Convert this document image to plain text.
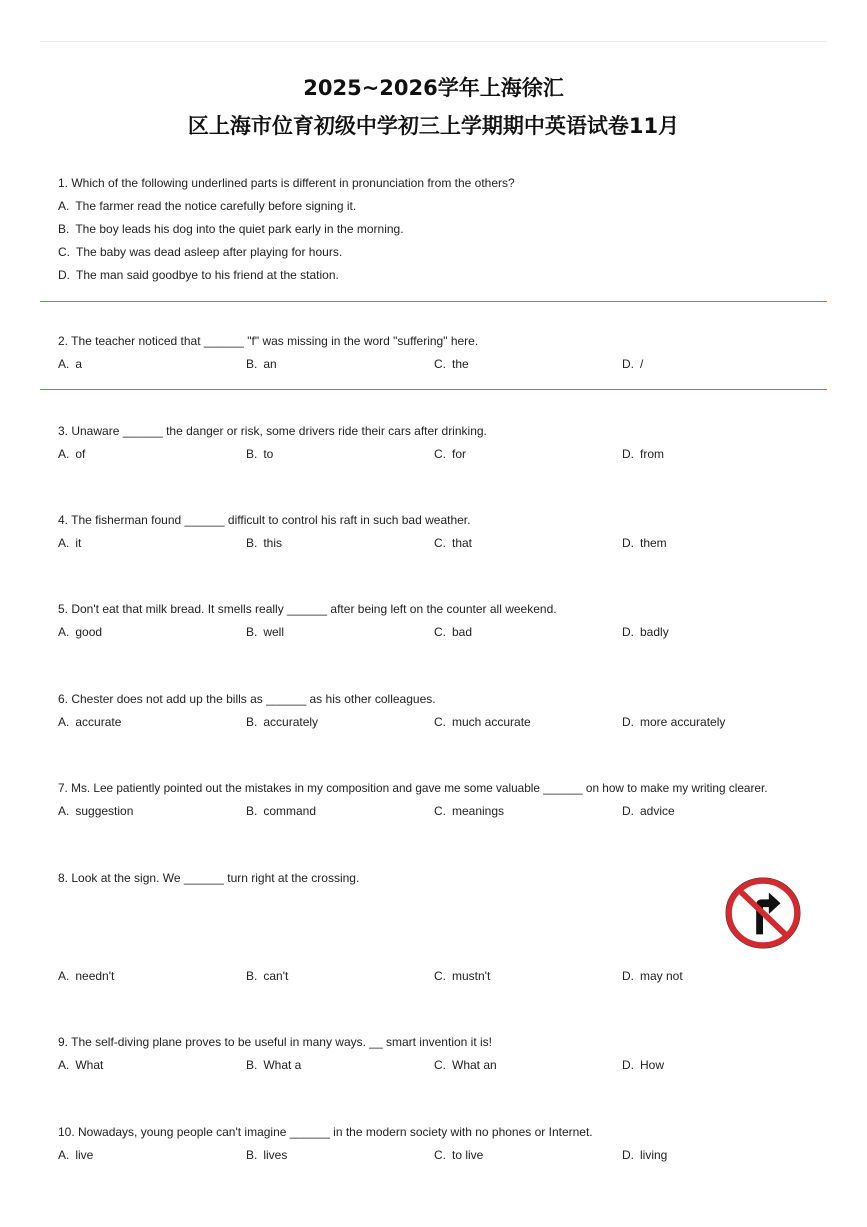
2025~2026学年上海徐汇
区上海市位育初级中学初三上学期期中英语试卷11月
1. Which of the following underlined parts is different in pronunciation from the others?
A. The farmer read the notice carefully before signing it.
B. The boy leads his dog into the quiet park early in the morning.
C. The baby was dead asleep after playing for hours.
D. The man said goodbye to his friend at the station.
2. The teacher noticed that ______ "f" was missing in the word "suffering" here.
A. a	B. an	C. the	D. /
3. Unaware ______ the danger or risk, some drivers ride their cars after drinking.
A. of	B. to	C. for	D. from
4. The fisherman found ______ difficult to control his raft in such bad weather.
A. it	B. this	C. that	D. them
5. Don't eat that milk bread. It smells really ______ after being left on the counter all weekend.
A. good	B. well	C. bad	D. badly
6. Chester does not add up the bills as ______ as his other colleagues.
A. accurate	B. accurately	C. much accurate	D. more accurately
7. Ms. Lee patiently pointed out the mistakes in my composition and gave me some valuable ______ on how to make my writing clearer.
A. suggestion	B. command	C. meanings	D. advice
8. Look at the sign. We ______ turn right at the crossing.
A. needn't	B. can't	C. mustn't	D. may not
9. The self-diving plane proves to be useful in many ways. __ smart invention it is!
A. What	B. What a	C. What an	D. How
10. Nowadays, young people can't imagine ______ in the modern society with no phones or Internet.
A. live	B. lives	C. to live	D. living
